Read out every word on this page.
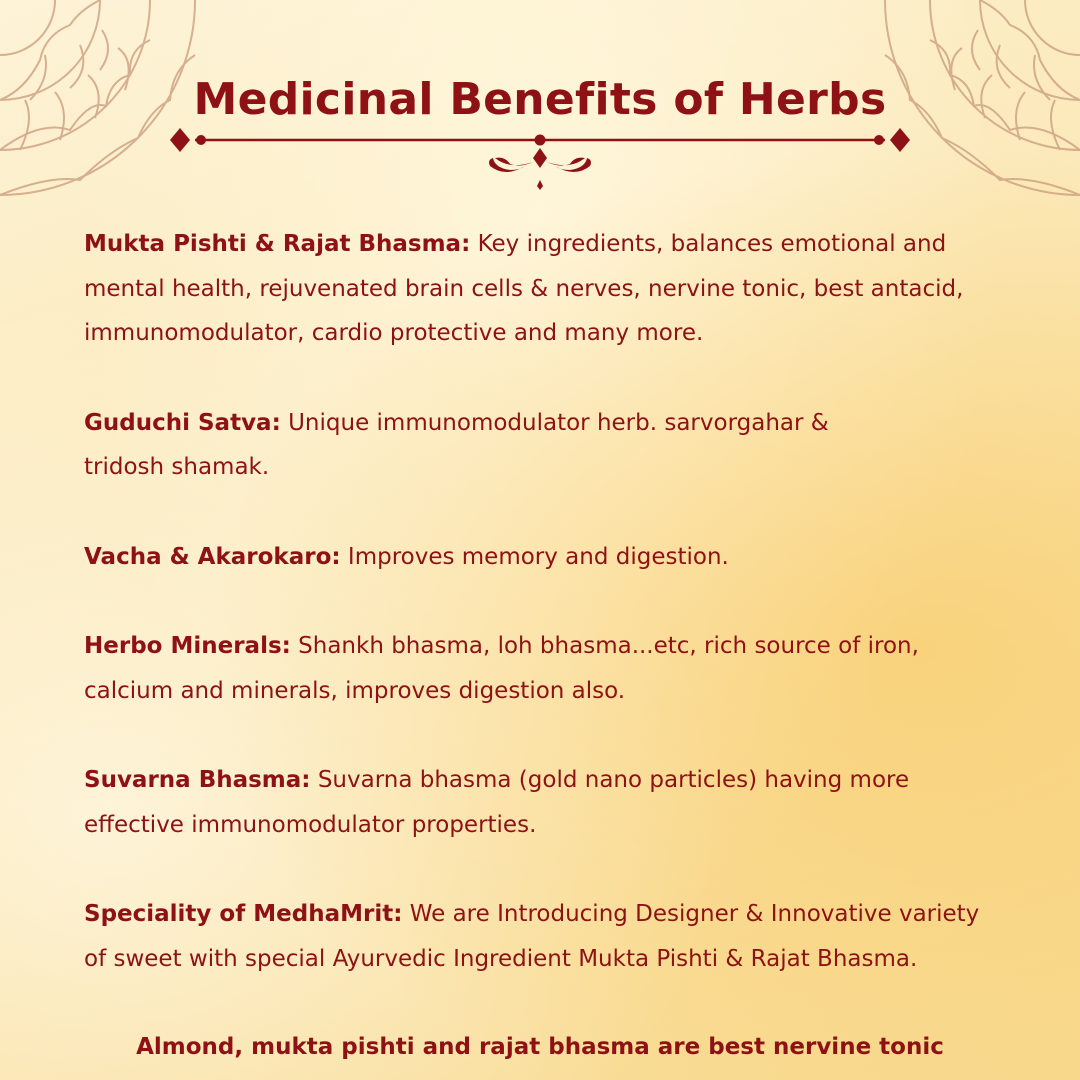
Medicinal Benefits of Herbs

Mukta Pishti & Rajat Bhasma: Key ingredients, balances emotional and mental health, rejuvenated brain cells & nerves, nervine tonic, best antacid, immunomodulator, cardio protective and many more.

Guduchi Satva: Unique immunomodulator herb. sarvorgahar & tridosh shamak.

Vacha & Akarokaro: Improves memory and digestion.

Herbo Minerals: Shankh bhasma, loh bhasma...etc, rich source of iron, calcium and minerals, improves digestion also.

Suvarna Bhasma: Suvarna bhasma (gold nano particles) having more effective immunomodulator properties.

Speciality of MedhaMrit: We are Introducing Designer & Innovative variety of sweet with special Ayurvedic Ingredient Mukta Pishti & Rajat Bhasma.

Almond, mukta pishti and rajat bhasma are best nervine tonic
